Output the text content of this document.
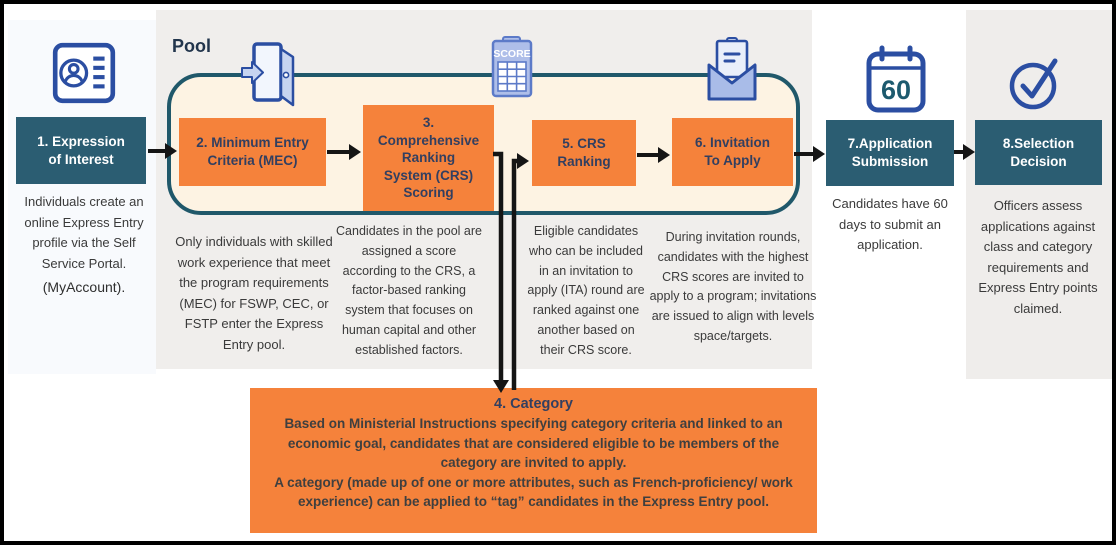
Pool
1. Expression of Interest
2. Minimum Entry Criteria (MEC)
3. Comprehensive Ranking System (CRS) Scoring
5. CRS Ranking
6. Invitation To Apply
7.Application Submission
8.Selection Decision
Individuals create an online Express Entry profile via the Self Service Portal.
(MyAccount).
Only individuals with skilled work experience that meet the program requirements (MEC) for FSWP, CEC, or FSTP enter the Express Entry pool.
Candidates in the pool are assigned a score according to the CRS, a factor-based ranking system that focuses on human capital and other established factors.
Eligible candidates who can be included in an invitation to apply (ITA) round are ranked against one another based on their CRS score.
During invitation rounds, candidates with the highest CRS scores are invited to apply to a program; invitations are issued to align with levels space/targets.
Candidates have 60 days to submit an application.
Officers assess applications against class and category requirements and Express Entry points claimed.
4. Category
Based on Ministerial Instructions specifying category criteria and linked to an economic goal, candidates that are considered eligible to be members of the category are invited to apply.
A category (made up of one or more attributes, such as French-proficiency/ work experience) can be applied to “tag” candidates in the Express Entry pool.
SCORE
60
